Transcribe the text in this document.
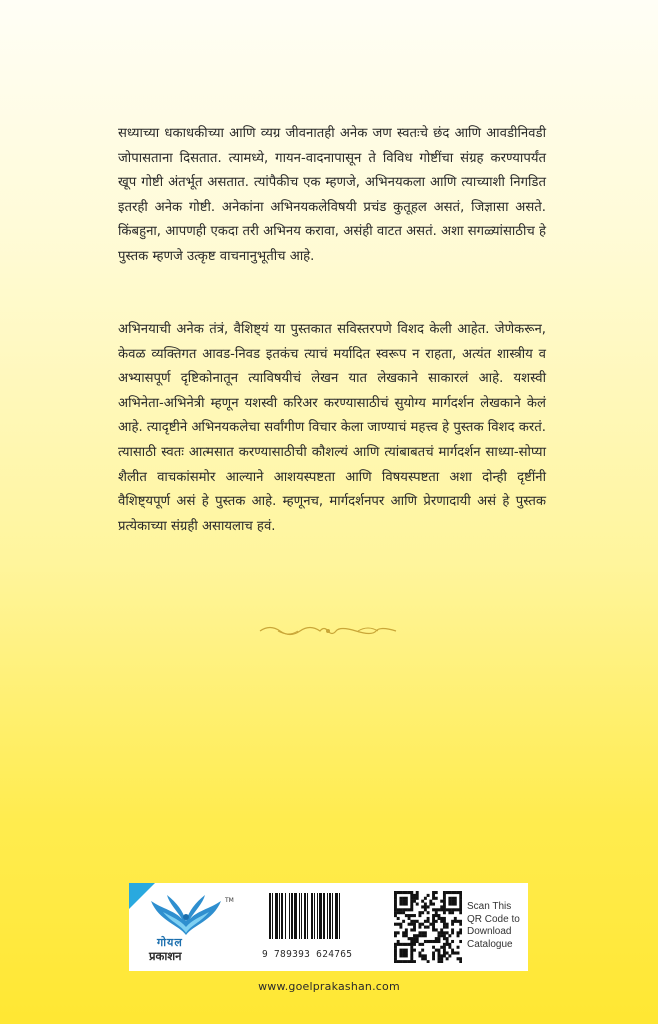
सध्याच्या धकाधकीच्या आणि व्यग्र जीवनातही अनेक जण स्वतःचे छंद आणि आवडीनिवडी जोपासताना दिसतात. त्यामध्ये, गायन-वादनापासून ते विविध गोष्टींचा संग्रह करण्यापर्यंत खूप गोष्टी अंतर्भूत असतात. त्यांपैकीच एक म्हणजे, अभिनयकला आणि त्याच्याशी निगडित इतरही अनेक गोष्टी. अनेकांना अभिनयकलेविषयी प्रचंड कुतूहल असतं, जिज्ञासा असते. किंबहुना, आपणही एकदा तरी अभिनय करावा, असंही वाटत असतं. अशा सगळ्यांसाठीच हे पुस्तक म्हणजे उत्कृष्ट वाचनानुभूतीच आहे.
अभिनयाची अनेक तंत्रं, वैशिष्ट्यं या पुस्तकात सविस्तरपणे विशद केली आहेत. जेणेकरून, केवळ व्यक्तिगत आवड-निवड इतकंच त्याचं मर्यादित स्वरूप न राहता, अत्यंत शास्त्रीय व अभ्यासपूर्ण दृष्टिकोनातून त्याविषयीचं लेखन यात लेखकाने साकारलं आहे. यशस्वी अभिनेता-अभिनेत्री म्हणून यशस्वी करिअर करण्यासाठीचं सुयोग्य मार्गदर्शन लेखकाने केलं आहे. त्यादृष्टीने अभिनयकलेचा सर्वांगीण विचार केला जाण्याचं महत्त्व हे पुस्तक विशद करतं. त्यासाठी स्वतः आत्मसात करण्यासाठीची कौशल्यं आणि त्यांबाबतचं मार्गदर्शन साध्या-सोप्या शैलीत वाचकांसमोर आल्याने आशयस्पष्टता आणि विषयस्पष्टता अशा दोन्ही दृष्टींनी वैशिष्ट्यपूर्ण असं हे पुस्तक आहे. म्हणूनच, मार्गदर्शनपर आणि प्रेरणादायी असं हे पुस्तक प्रत्येकाच्या संग्रही असायलाच हवं.
TM
गोयल
प्रकाशन	9 789393 624765
Scan This QR Code to Download Catalogue
www.goelprakashan.com
